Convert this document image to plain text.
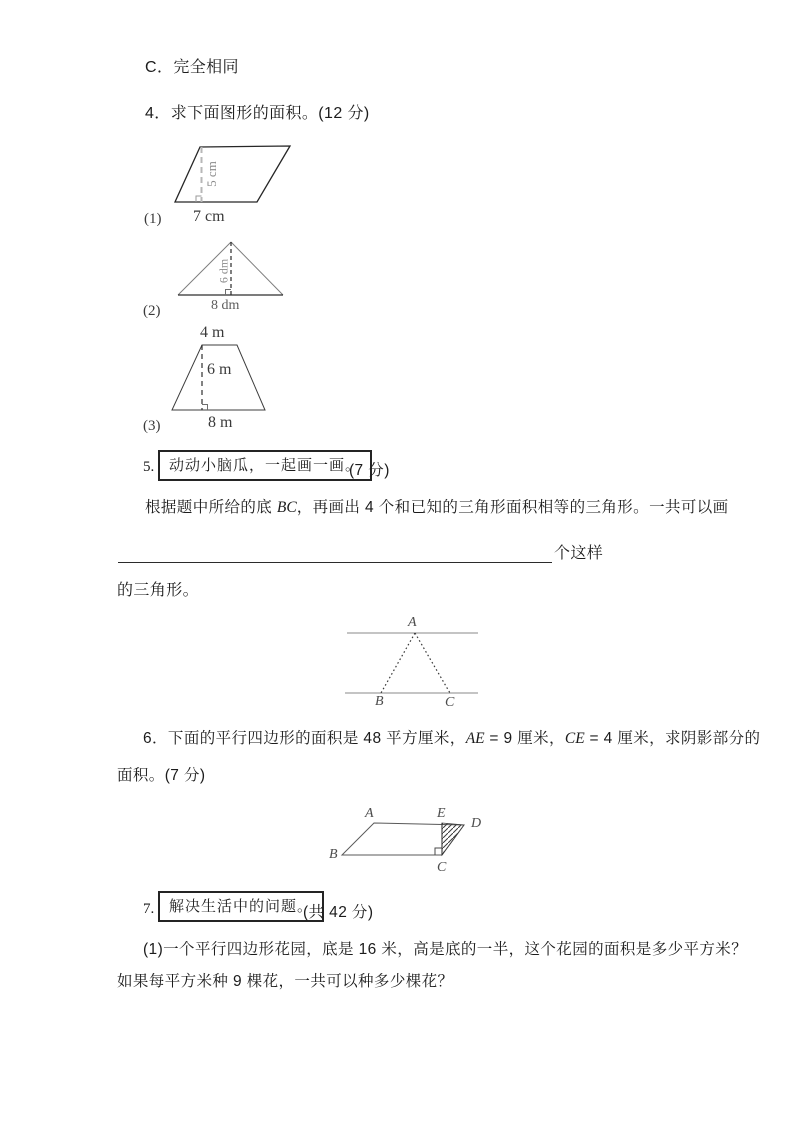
C．完全相同
4．求下面图形的面积。(12 分)
5 cm
7 cm
(1)
6 dm
8 dm
(2)
4 m
6 m
8 m
(3)
5. 动动小脑瓜，一起画一画。
(7 分)
根据题中所给的底 BC，再画出 4 个和已知的三角形面积相等的三角形。一共可以画
个这样
的三角形。
A
B	C
6．下面的平行四边形的面积是 48 平方厘米，AE = 9 厘米，CE = 4 厘米，求阴影部分的
面积。(7 分)
A	E
D
B
C
7. 解决生活中的问题。
(共 42 分)
(1)一个平行四边形花园，底是 16 米，高是底的一半，这个花园的面积是多少平方米？
如果每平方米种 9 棵花，一共可以种多少棵花？
